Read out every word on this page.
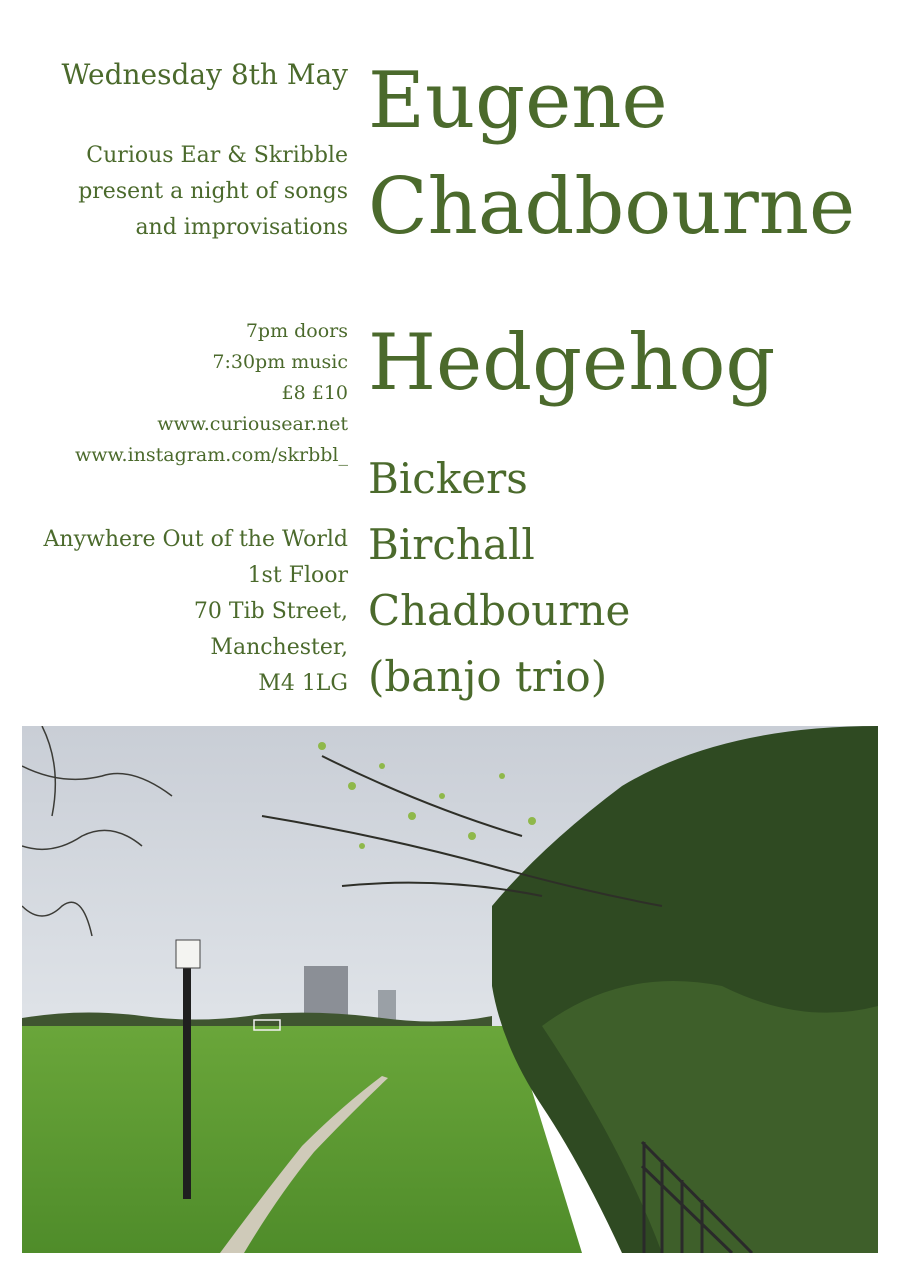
Wednesday 8th May
Curious Ear & Skribble
present a night of songs
and improvisations
7pm doors
7:30pm music
£8 £10
www.curiousear.net
www.instagram.com/skrbbl_
Anywhere Out of the World
1st Floor
70 Tib Street,
Manchester,
M4 1LG
Eugene
Chadbourne
Hedgehog
Bickers
Birchall
Chadbourne
(banjo trio)
